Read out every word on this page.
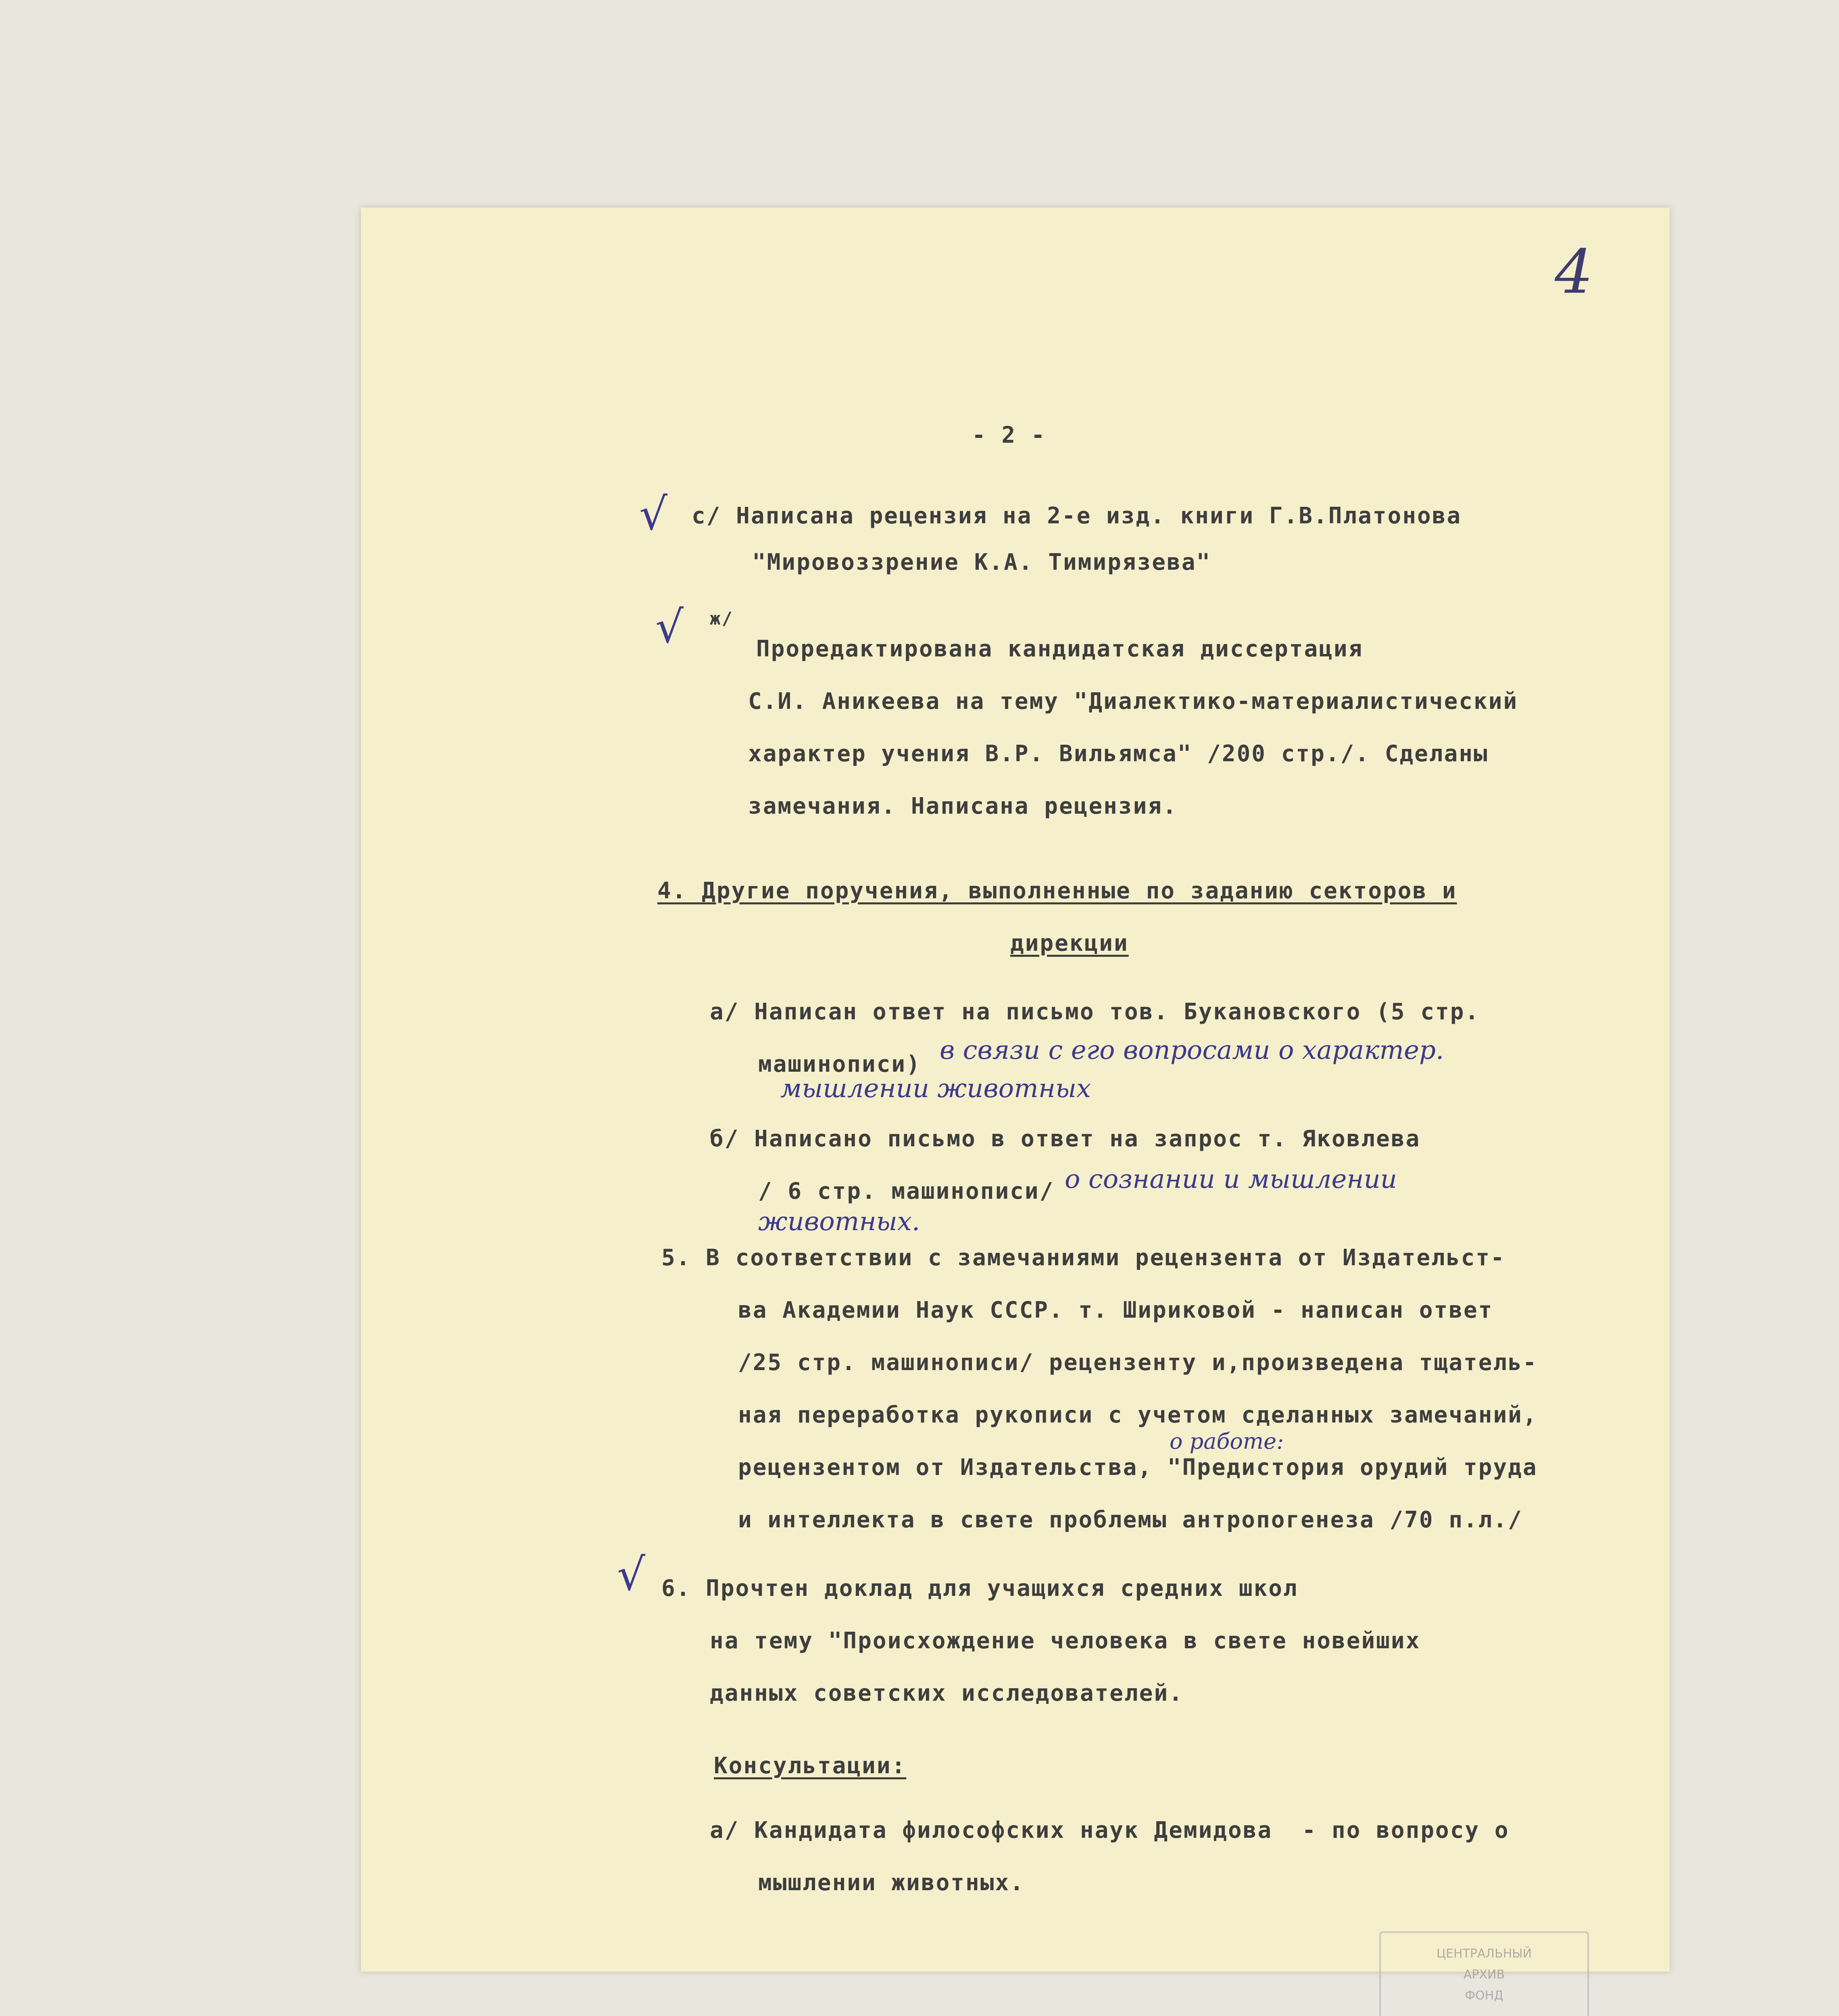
4
- 2 -
√ с/ Написана рецензия на 2-е изд. книги Г.В.Платонова
"Мировоззрение К.А. Тимирязева"
√ ж/
Проредактирована кандидатская диссертация
С.И. Аникеева на тему "Диалектико-материалистический
характер учения В.Р. Вильямса" /200 стр./. Сделаны
замечания. Написана рецензия.
4. Другие поручения, выполненные по заданию секторов и
дирекции
а/ Написан ответ на письмо тов. Букановского (5 стр.
машинописи) в связи с его вопросами о характер.
мышлении животных
б/ Написано письмо в ответ на запрос т. Яковлева
/ 6 стр. машинописи/ о сознании и мышлении
животных.
5. В соответствии с замечаниями рецензента от Издательст-
ва Академии Наук СССР. т. Шириковой - написан ответ
/25 стр. машинописи/ рецензенту и,произведена тщатель-
ная переработка рукописи с учетом сделанных замечаний,
о работе:
рецензентом от Издательства, "Предистория орудий труда
и интеллекта в свете проблемы антропогенеза /70 п.л./
√ 6. Прочтен доклад для учащихся средних школ
на тему "Происхождение человека в свете новейших
данных советских исследователей.
Консультации:
а/ Кандидата философских наук Демидова  - по вопросу о
мышлении животных.
ЦЕНТРАЛЬНЫЙ
АРХИВ
ФОНД
